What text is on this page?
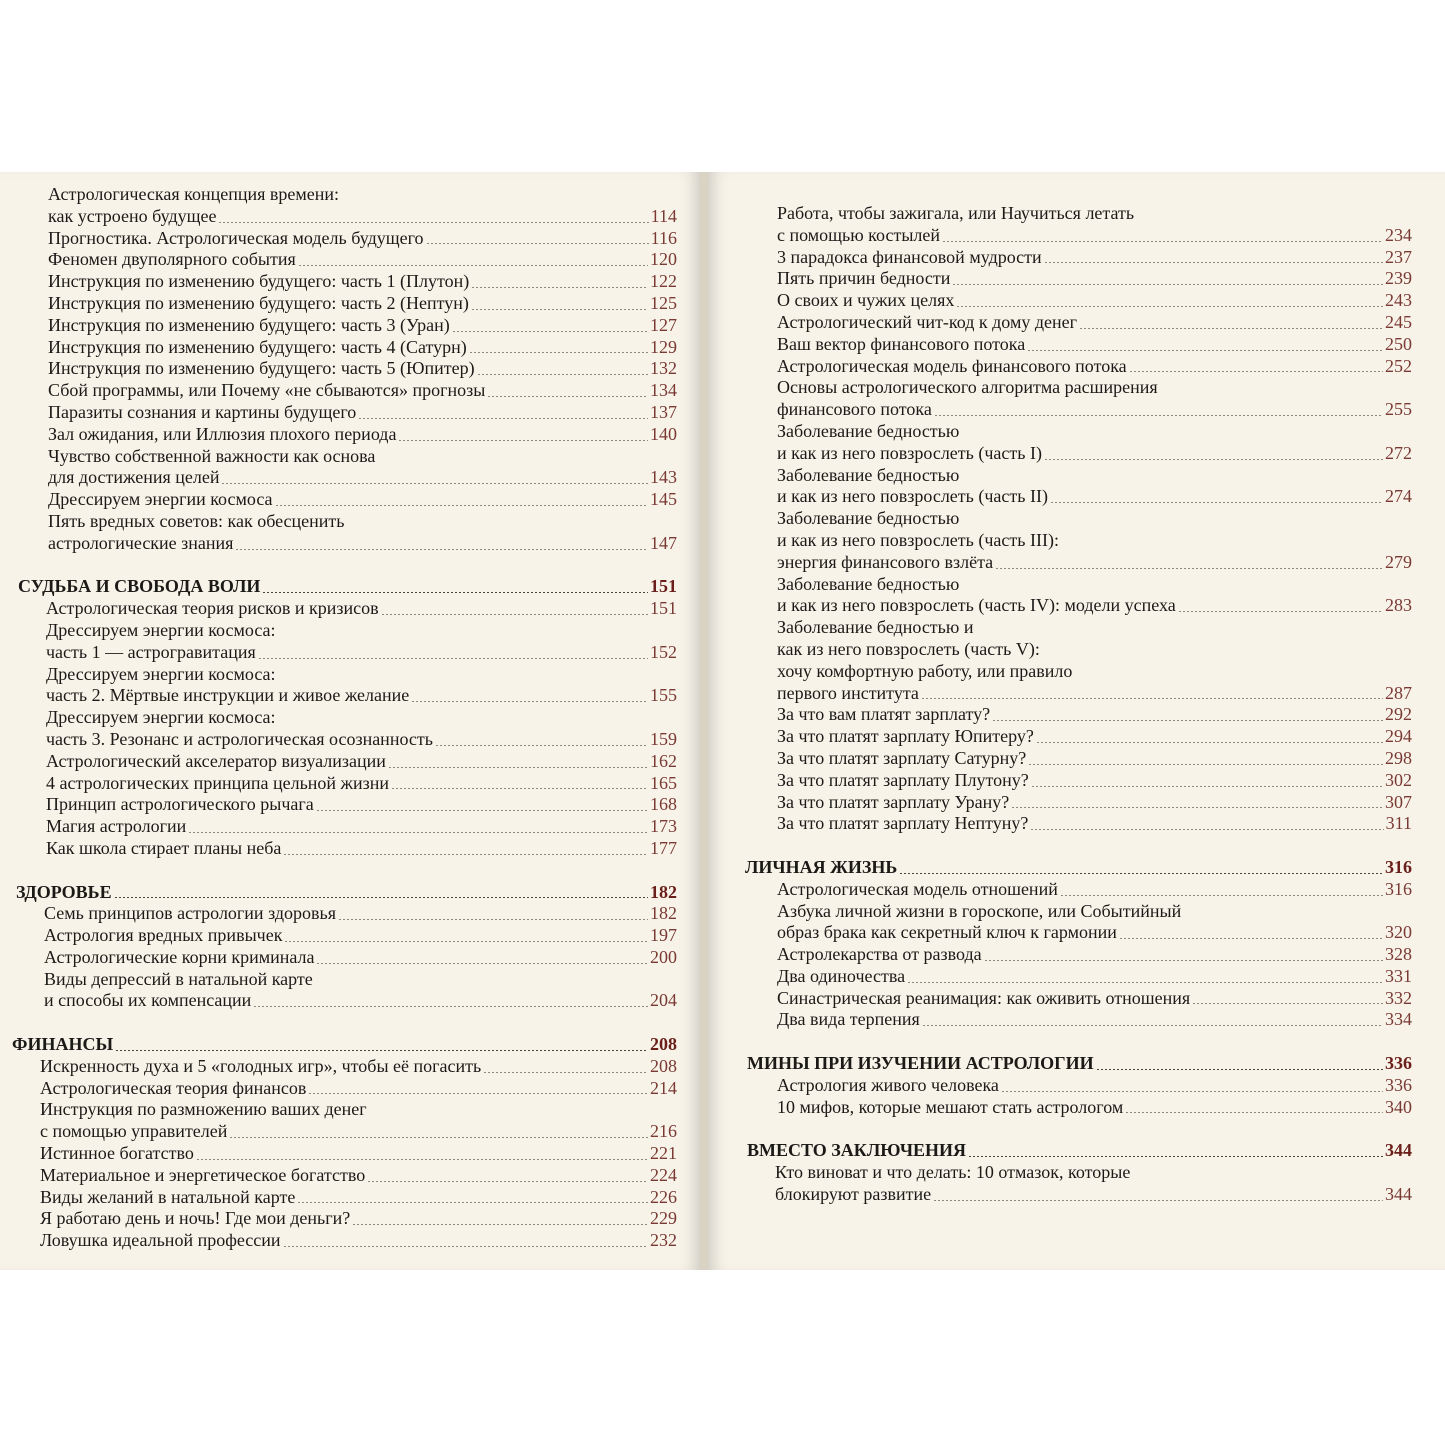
Астрологическая концепция времени:
как устроено будущее	114
Прогностика. Астрологическая модель будущего	116
Феномен двуполярного события	120
Инструкция по изменению будущего: часть 1 (Плутон)	122
Инструкция по изменению будущего: часть 2 (Нептун)	125
Инструкция по изменению будущего: часть 3 (Уран)	127
Инструкция по изменению будущего: часть 4 (Сатурн)	129
Инструкция по изменению будущего: часть 5 (Юпитер)	132
Сбой программы, или Почему «не сбываются» прогнозы	134
Паразиты сознания и картины будущего	137
Зал ожидания, или Иллюзия плохого периода	140
Чувство собственной важности как основа
для достижения целей	143
Дрессируем энергии космоса	145
Пять вредных советов: как обесценить
астрологические знания	147
СУДЬБА И СВОБОДА ВОЛИ	151
Астрологическая теория рисков и кризисов	151
Дрессируем энергии космоса:
часть 1 — астрогравитация	152
Дрессируем энергии космоса:
часть 2. Мёртвые инструкции и живое желание	155
Дрессируем энергии космоса:
часть 3. Резонанс и астрологическая осознанность	159
Астрологический акселератор визуализации	162
4 астрологических принципа цельной жизни	165
Принцип астрологического рычага	168
Магия астрологии	173
Как школа стирает планы неба	177
ЗДОРОВЬЕ	182
Семь принципов астрологии здоровья	182
Астрология вредных привычек	197
Астрологические корни криминала	200
Виды депрессий в натальной карте
и способы их компенсации	204
ФИНАНСЫ	208
Искренность духа и 5 «голодных игр», чтобы её погасить	208
Астрологическая теория финансов	214
Инструкция по размножению ваших денег
с помощью управителей	216
Истинное богатство	221
Материальное и энергетическое богатство	224
Виды желаний в натальной карте	226
Я работаю день и ночь! Где мои деньги?	229
Ловушка идеальной профессии	232
Работа, чтобы зажигала, или Научиться летать
с помощью костылей	234
3 парадокса финансовой мудрости	237
Пять причин бедности	239
О своих и чужих целях	243
Астрологический чит-код к дому денег	245
Ваш вектор финансового потока	250
Астрологическая модель финансового потока	252
Основы астрологического алгоритма расширения
финансового потока	255
Заболевание бедностью
и как из него повзрослеть (часть I)	272
Заболевание бедностью
и как из него повзрослеть (часть II)	274
Заболевание бедностью
и как из него повзрослеть (часть III):
энергия финансового взлёта	279
Заболевание бедностью
и как из него повзрослеть (часть IV): модели успеха	283
Заболевание бедностью и
как из него повзрослеть (часть V):
хочу комфортную работу, или правило
первого института	287
За что вам платят зарплату?	292
За что платят зарплату Юпитеру?	294
За что платят зарплату Сатурну?	298
За что платят зарплату Плутону?	302
За что платят зарплату Урану?	307
За что платят зарплату Нептуну?	311
ЛИЧНАЯ ЖИЗНЬ	316
Астрологическая модель отношений	316
Азбука личной жизни в гороскопе, или Событийный
образ брака как секретный ключ к гармонии	320
Астролекарства от развода	328
Два одиночества	331
Синастрическая реанимация: как оживить отношения	332
Два вида терпения	334
МИНЫ ПРИ ИЗУЧЕНИИ АСТРОЛОГИИ	336
Астрология живого человека	336
10 мифов, которые мешают стать астрологом	340
ВМЕСТО ЗАКЛЮЧЕНИЯ	344
Кто виноват и что делать: 10 отмазок, которые
блокируют развитие	344
